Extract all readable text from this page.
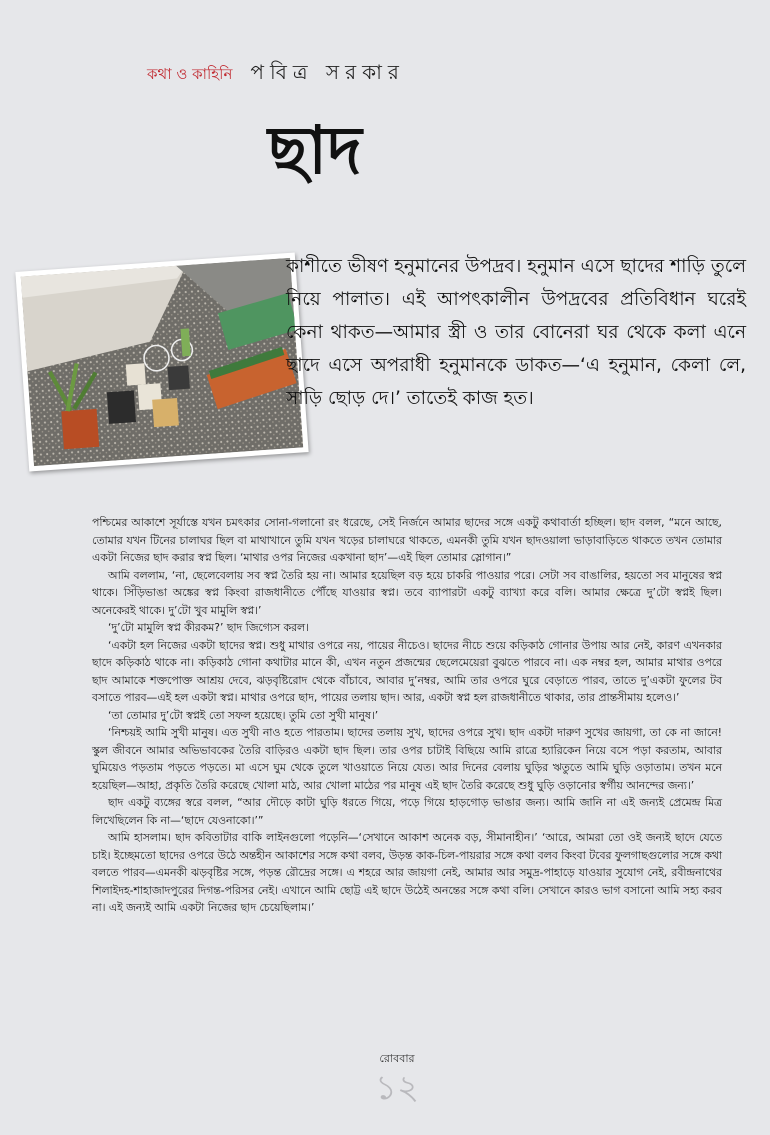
কথা ও কাহিনি পবিত্র সরকার
ছাদ
কাশীতে ভীষণ হনুমানের উপদ্রব। হনুমান এসে ছাদের শাড়ি তুলে নিয়ে পালাত। এই আপৎকালীন উপদ্রবের প্রতিবিধান ঘরেই কেনা থাকত—আমার স্ত্রী ও তার বোনেরা ঘর থেকে কলা এনে ছাদে এসে অপরাধী হনুমানকে ডাকত—‘এ হনুমান, কেলা লে, সাড়ি ছোড় দে।’ তাতেই কাজ হত।

পশ্চিমের আকাশে সূর্যাস্তে যখন চমৎকার সোনা-গলানো রং ধরেছে, সেই নির্জনে আমার ছাদের সঙ্গে একটু কথাবার্তা হচ্ছিল। ছাদ বলল, “মনে আছে, তোমার যখন টিনের চালাঘর ছিল বা মাথাখানে তুমি যখন খড়ের চালাঘরে থাকতে, এমনকী তুমি যখন ছাদওয়ালা ভাড়াবাড়িতে থাকতে তখন তোমার একটা নিজের ছাদ করার স্বপ্ন ছিল। ‘মাথার ওপর নিজের একখানা ছাদ’—এই ছিল তোমার স্লোগান।”

আমি বললাম, ‘না, ছেলেবেলায় সব স্বপ্ন তৈরি হয় না। আমার হয়েছিল বড় হয়ে চাকরি পাওয়ার পরে। সেটা সব বাঙালির, হয়তো সব মানুষের স্বপ্ন থাকে। সিঁড়িভাঙা অঙ্কের স্বপ্ন কিংবা রাজধানীতে পৌঁছে যাওয়ার স্বপ্ন। তবে ব্যাপারটা একটু ব্যাখ্যা করে বলি। আমার ক্ষেত্রে দু’টো স্বপ্নই ছিল। অনেকেরই থাকে। দু’টো খুব মামুলি স্বপ্ন।’

‘দু’টো মামুলি স্বপ্ন কীরকম?’ ছাদ জিগ্যেস করল।

‘একটা হল নিজের একটা ছাদের স্বপ্ন। শুধু মাথার ওপরে নয়, পায়ের নীচেও। ছাদের নীচে শুয়ে কড়িকাঠ গোনার উপায় আর নেই, কারণ এখনকার ছাদে কড়িকাঠ থাকে না। কড়িকাঠ গোনা কথাটার মানে কী, এখন নতুন প্রজন্মের ছেলেমেয়েরা বুঝতে পারবে না। এক নম্বর হল, আমার মাথার ওপরে ছাদ আমাকে শক্তপোক্ত আশ্রয় দেবে, ঝড়বৃষ্টিরোদ থেকে বাঁচাবে, আবার দু’নম্বর, আমি তার ওপরে ঘুরে বেড়াতে পারব, তাতে দু’একটা ফুলের টব বসাতে পারব—এই হল একটা স্বপ্ন। মাথার ওপরে ছাদ, পায়ের তলায় ছাদ। আর, একটা স্বপ্ন হল রাজধানীতে থাকার, তার প্রান্তসীমায় হলেও।’

‘তা তোমার দু’টো স্বপ্নই তো সফল হয়েছে। তুমি তো সুখী মানুষ।’

‘নিশ্চয়ই আমি সুখী মানুষ। এত সুখী নাও হতে পারতাম। ছাদের তলায় সুখ, ছাদের ওপরে সুখ। ছাদ একটা দারুণ সুখের জায়গা, তা কে না জানে! স্কুল জীবনে আমার অভিভাবকের তৈরি বাড়িরও একটা ছাদ ছিল। তার ওপর চাটাই বিছিয়ে আমি রাত্রে হ্যারিকেন নিয়ে বসে পড়া করতাম, আবার ঘুমিয়েও পড়তাম পড়তে পড়তে। মা এসে ঘুম থেকে তুলে খাওয়াতে নিয়ে যেত। আর দিনের বেলায় ঘুড়ির ঋতুতে আমি ঘুড়ি ওড়াতাম। তখন মনে হয়েছিল—আহা, প্রকৃতি তৈরি করেছে খোলা মাঠ, আর খোলা মাঠের পর মানুষ এই ছাদ তৈরি করেছে শুধু ঘুড়ি ওড়ানোর স্বর্গীয় আনন্দের জন্য।’

ছাদ একটু ব্যঙ্গের স্বরে বলল, “আর দৌড়ে কাটা ঘুড়ি ধরতে গিয়ে, পড়ে গিয়ে হাড়গোড় ভাঙার জন্য। আমি জানি না এই জন্যই প্রেমেন্দ্র মিত্র লিখেছিলেন কি না—‘ছাদে যেওনাকো।’”

আমি হাসলাম। ছাদ কবিতাটার বাকি লাইনগুলো পড়েনি—‘সেখানে আকাশ অনেক বড়, সীমানাহীন।’ ‘আরে, আমরা তো ওই জন্যই ছাদে যেতে চাই। ইচ্ছেমতো ছাদের ওপরে উঠে অন্তহীন আকাশের সঙ্গে কথা বলব, উড়ন্ত কাক-চিল-পায়রার সঙ্গে কথা বলব কিংবা টবের ফুলগাছগুলোর সঙ্গে কথা বলতে পারব—এমনকী ঝড়বৃষ্টির সঙ্গে, পড়ন্ত রৌদ্রের সঙ্গে। এ শহরে আর জায়গা নেই, আমার আর সমুদ্র-পাহাড়ে যাওয়ার সুযোগ নেই, রবীন্দ্রনাথের শিলাইদহ-শাহাজাদপুরের দিগন্ত-পরিসর নেই। এখানে আমি ছোট্ট এই ছাদে উঠেই অনন্তের সঙ্গে কথা বলি। সেখানে কারও ভাগ বসানো আমি সহ্য করব না। এই জন্যই আমি একটা নিজের ছাদ চেয়েছিলাম।’

রোববার
১২
